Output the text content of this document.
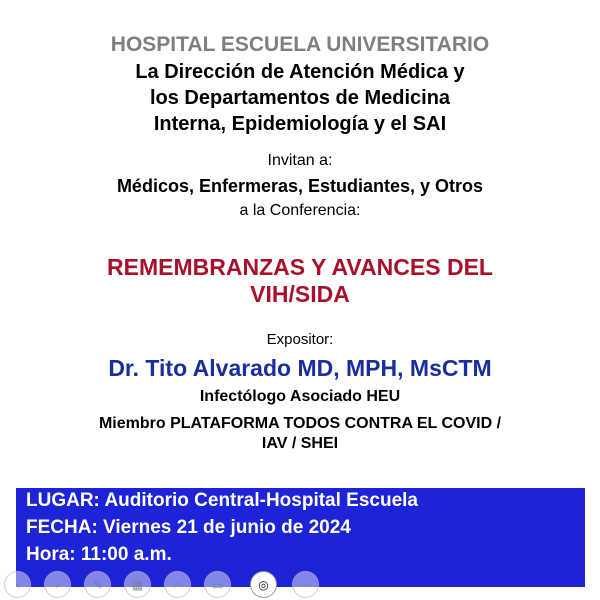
HOSPITAL ESCUELA UNIVERSITARIO
La Dirección de Atención Médica y
los Departamentos de Medicina
Interna, Epidemiología y el SAI
Invitan a:
Médicos, Enfermeras, Estudiantes, y Otros
a la Conferencia:
REMEMBRANZAS Y AVANCES DEL
VIH/SIDA
Expositor:
Dr. Tito Alvarado MD, MPH, MsCTM
Infectólogo Asociado HEU
Miembro PLATAFORMA TODOS CONTRA EL COVID /
IAV / SHEI
LUGAR: Auditorio Central-Hospital Escuela
FECHA: Viernes 21 de junio de 2024
Hora: 11:00 a.m.
‹	›	✎ ▦	⌕	▭	◎	⋯
